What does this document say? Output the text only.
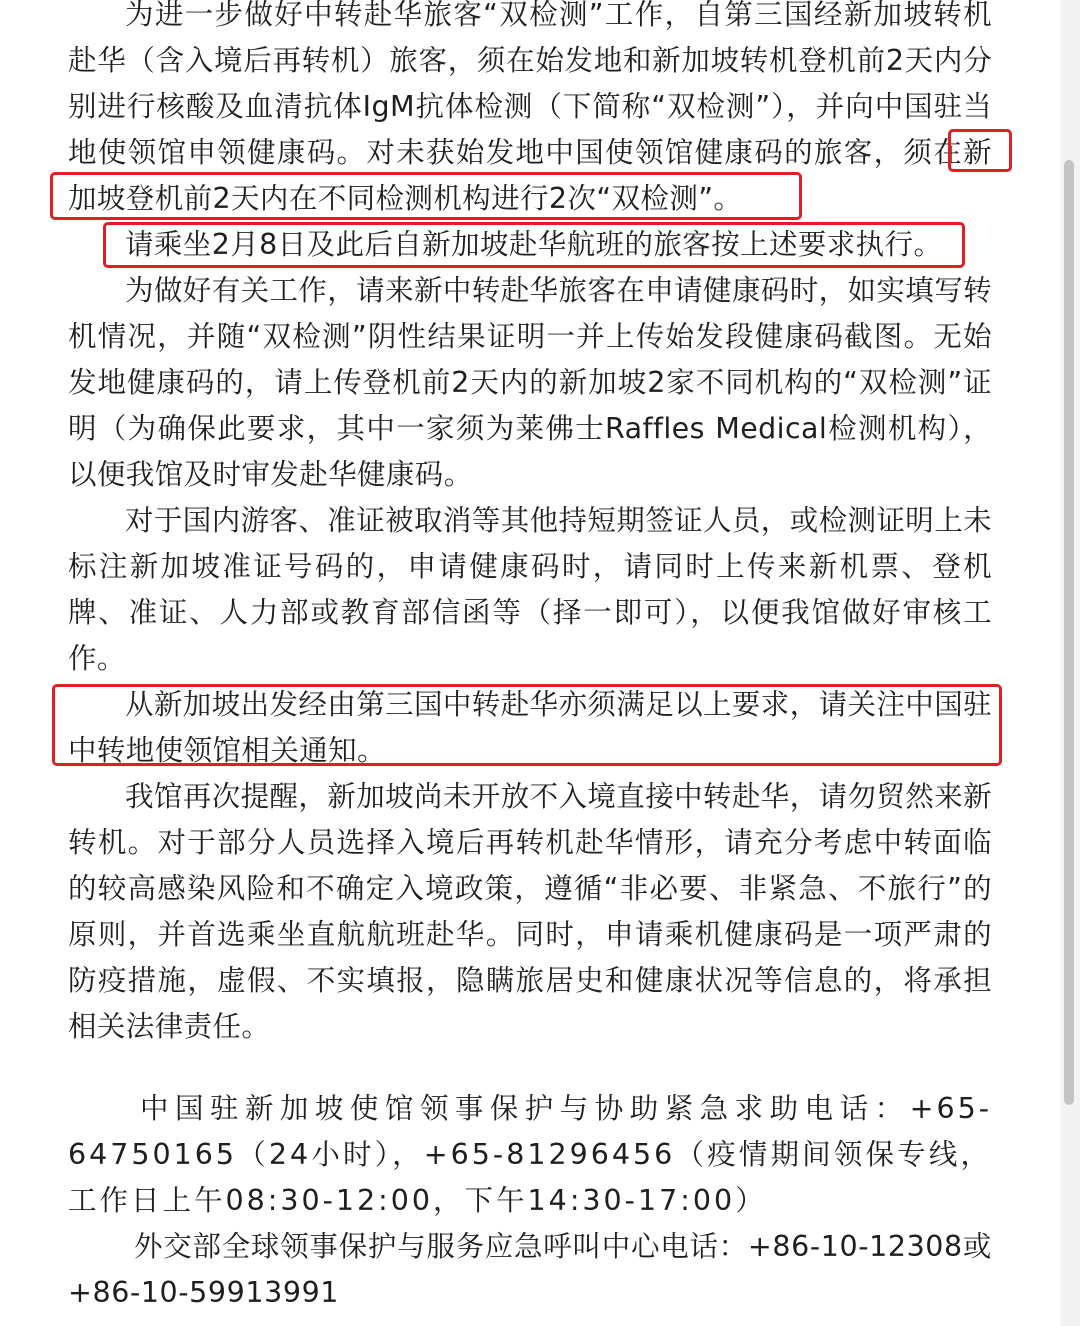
为进一步做好中转赴华旅客“双检测”工作，自第三国经新加坡转机赴华（含入境后再转机）旅客，须在始发地和新加坡转机登机前2天内分别进行核酸及血清抗体IgM抗体检测（下简称“双检测”），并向中国驻当地使领馆申领健康码。对未获始发地中国使领馆健康码的旅客，须在新加坡登机前2天内在不同检测机构进行2次“双检测”。

请乘坐2月8日及此后自新加坡赴华航班的旅客按上述要求执行。

为做好有关工作，请来新中转赴华旅客在申请健康码时，如实填写转机情况，并随“双检测”阴性结果证明一并上传始发段健康码截图。无始发地健康码的，请上传登机前2天内的新加坡2家不同机构的“双检测”证明（为确保此要求，其中一家须为莱佛士Raffles Medical检测机构），以便我馆及时审发赴华健康码。

对于国内游客、准证被取消等其他持短期签证人员，或检测证明上未标注新加坡准证号码的，申请健康码时，请同时上传来新机票、登机牌、准证、人力部或教育部信函等（择一即可），以便我馆做好审核工作。

从新加坡出发经由第三国中转赴华亦须满足以上要求，请关注中国驻中转地使领馆相关通知。

我馆再次提醒，新加坡尚未开放不入境直接中转赴华，请勿贸然来新转机。对于部分人员选择入境后再转机赴华情形，请充分考虑中转面临的较高感染风险和不确定入境政策，遵循“非必要、非紧急、不旅行”的原则，并首选乘坐直航航班赴华。同时，申请乘机健康码是一项严肃的防疫措施，虚假、不实填报，隐瞒旅居史和健康状况等信息的，将承担相关法律责任。

中国驻新加坡使馆领事保护与协助紧急求助电话：+65-64750165（24小时），+65-81296456（疫情期间领保专线，工作日上午08:30-12:00，下午14:30-17:00）

外交部全球领事保护与服务应急呼叫中心电话：+86-10-12308或+86-10-59913991
